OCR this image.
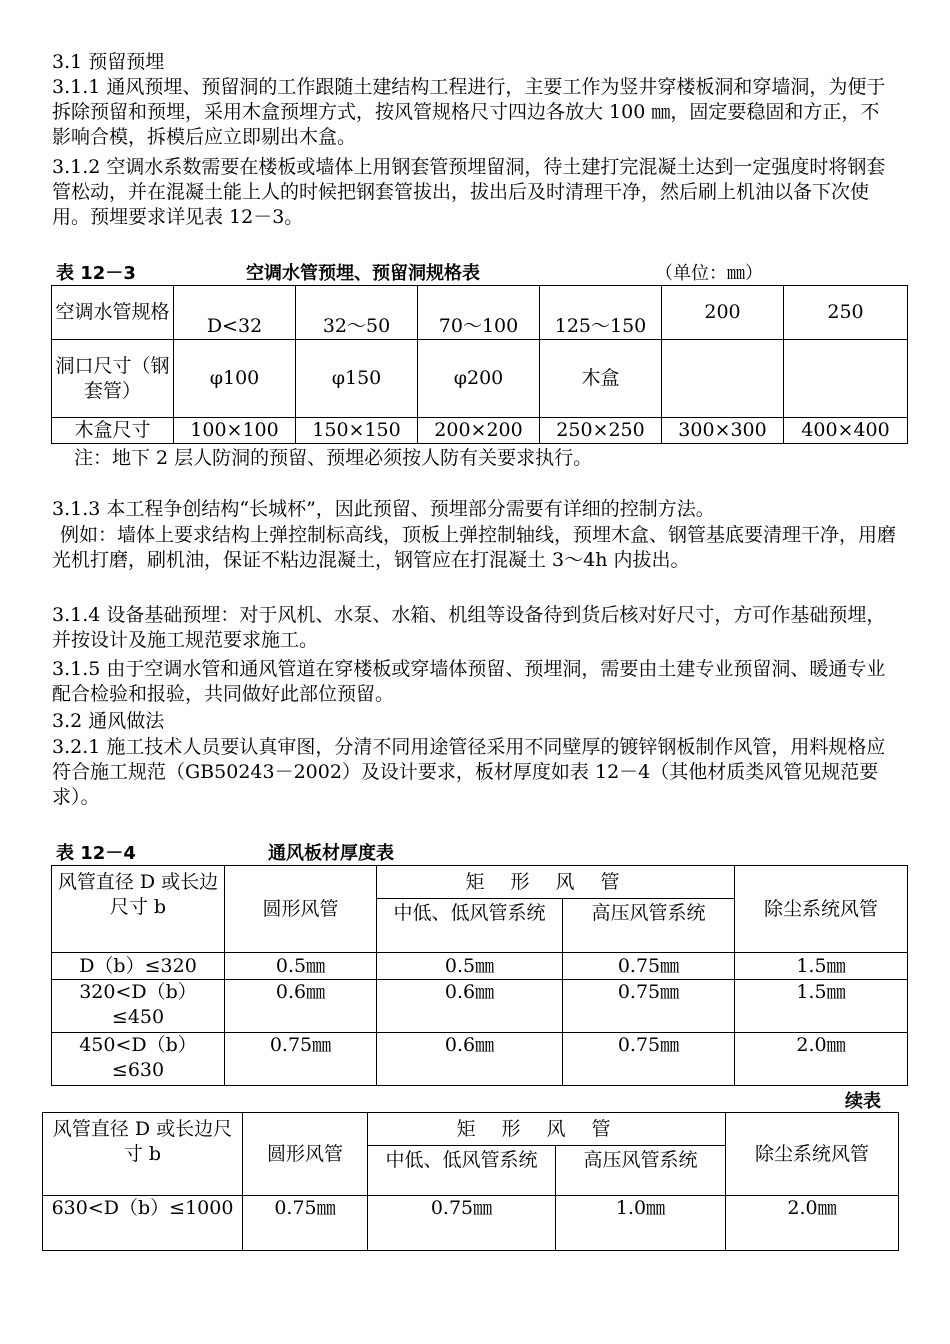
3.1 预留预埋

3.1.1 通风预埋、预留洞的工作跟随土建结构工程进行，主要工作为竖井穿楼板洞和穿墙洞，为便于拆除预留和预埋，采用木盒预埋方式，按风管规格尺寸四边各放大 100 ㎜，固定要稳固和方正，不影响合模，拆模后应立即剔出木盒。

3.1.2 空调水系数需要在楼板或墙体上用钢套管预埋留洞，待土建打完混凝土达到一定强度时将钢套管松动，并在混凝土能上人的时候把钢套管拔出，拔出后及时清理干净，然后刷上机油以备下次使用。预埋要求详见表 12－3。

表 12－3	空调水管预埋、预留洞规格表	（单位：㎜）

空调水管规格	D<32	32～50	70～100	125～150	200	250
洞口尺寸（钢套管）	φ100	φ150	φ200	木盒		
木盒尺寸	100×100	150×150	200×200	250×250	300×300	400×400

注：地下 2 层人防洞的预留、预埋必须按人防有关要求执行。

3.1.3 本工程争创结构“长城杯”，因此预留、预埋部分需要有详细的控制方法。

例如：墙体上要求结构上弹控制标高线，顶板上弹控制轴线，预埋木盒、钢管基底要清理干净，用磨光机打磨，刷机油，保证不粘边混凝土，钢管应在打混凝土 3～4h 内拔出。

3.1.4 设备基础预埋：对于风机、水泵、水箱、机组等设备待到货后核对好尺寸，方可作基础预埋，并按设计及施工规范要求施工。

3.1.5 由于空调水管和通风管道在穿楼板或穿墙体预留、预埋洞，需要由土建专业预留洞、暖通专业配合检验和报验，共同做好此部位预留。

3.2 通风做法

3.2.1 施工技术人员要认真审图，分清不同用途管径采用不同壁厚的镀锌钢板制作风管，用料规格应符合施工规范（GB50243－2002）及设计要求，板材厚度如表 12－4（其他材质类风管见规范要求）。

表 12－4	通风板材厚度表

风管直径 D 或长边尺寸 b	圆形风管	矩形风管		除尘系统风管
		中低、低风管系统	高压风管系统	
D（b）≤320	0.5㎜	0.5㎜	0.75㎜	1.5㎜
320<D（b）≤450	0.6㎜	0.6㎜	0.75㎜	1.5㎜
450<D（b）≤630	0.75㎜	0.6㎜	0.75㎜	2.0㎜

续表

风管直径 D 或长边尺寸 b	圆形风管	矩形风管		除尘系统风管
		中低、低风管系统	高压风管系统	
630<D（b）≤1000	0.75㎜	0.75㎜	1.0㎜	2.0㎜
